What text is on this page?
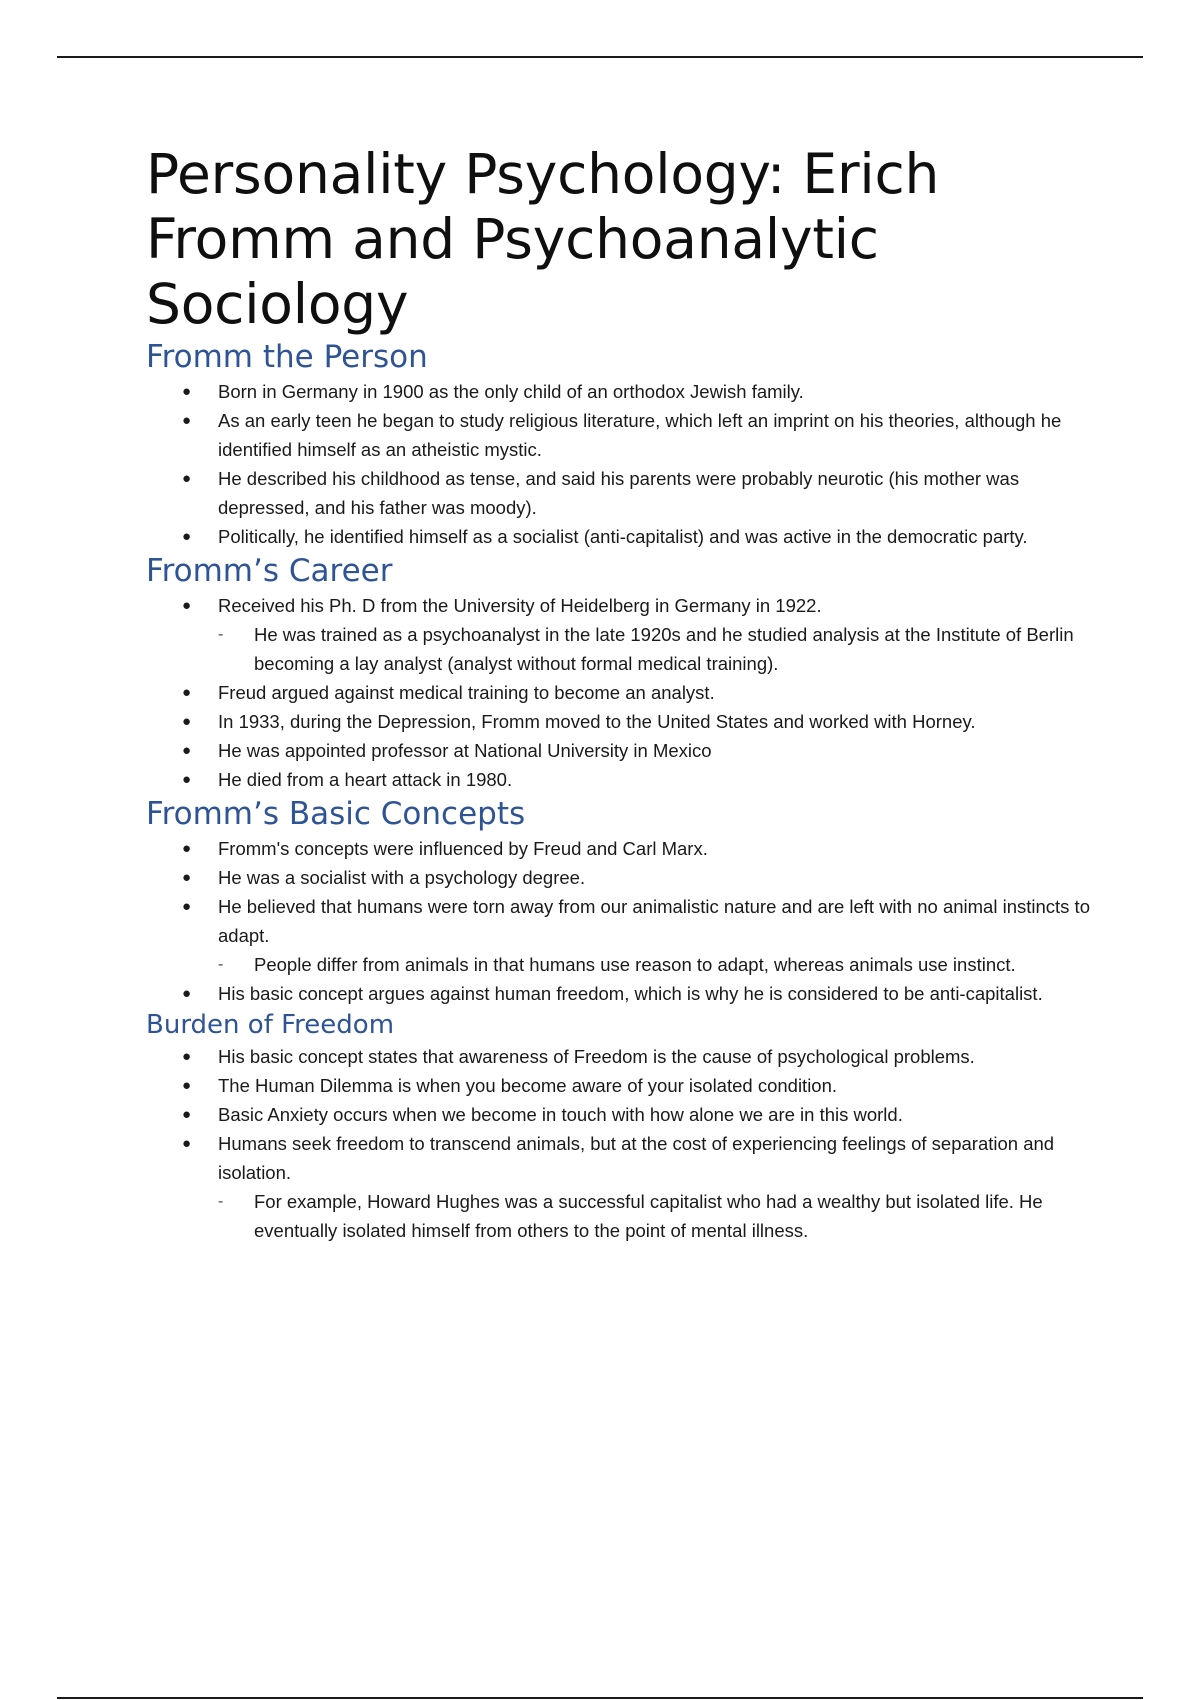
Personality Psychology: Erich Fromm and Psychoanalytic Sociology
Fromm the Person
● Born in Germany in 1900 as the only child of an orthodox Jewish family.
● As an early teen he began to study religious literature, which left an imprint on his theories, although he identified himself as an atheistic mystic.
● He described his childhood as tense, and said his parents were probably neurotic (his mother was depressed, and his father was moody).
● Politically, he identified himself as a socialist (anti-capitalist) and was active in the democratic party.
Fromm’s Career
● Received his Ph. D from the University of Heidelberg in Germany in 1922.
- He was trained as a psychoanalyst in the late 1920s and he studied analysis at the Institute of Berlin becoming a lay analyst (analyst without formal medical training).
● Freud argued against medical training to become an analyst.
● In 1933, during the Depression, Fromm moved to the United States and worked with Horney.
● He was appointed professor at National University in Mexico
● He died from a heart attack in 1980.
Fromm’s Basic Concepts
● Fromm's concepts were influenced by Freud and Carl Marx.
● He was a socialist with a psychology degree.
● He believed that humans were torn away from our animalistic nature and are left with no animal instincts to adapt.
- People differ from animals in that humans use reason to adapt, whereas animals use instinct.
● His basic concept argues against human freedom, which is why he is considered to be anti-capitalist.
Burden of Freedom
● His basic concept states that awareness of Freedom is the cause of psychological problems.
● The Human Dilemma is when you become aware of your isolated condition.
● Basic Anxiety occurs when we become in touch with how alone we are in this world.
● Humans seek freedom to transcend animals, but at the cost of experiencing feelings of separation and isolation.
- For example, Howard Hughes was a successful capitalist who had a wealthy but isolated life. He eventually isolated himself from others to the point of mental illness.
